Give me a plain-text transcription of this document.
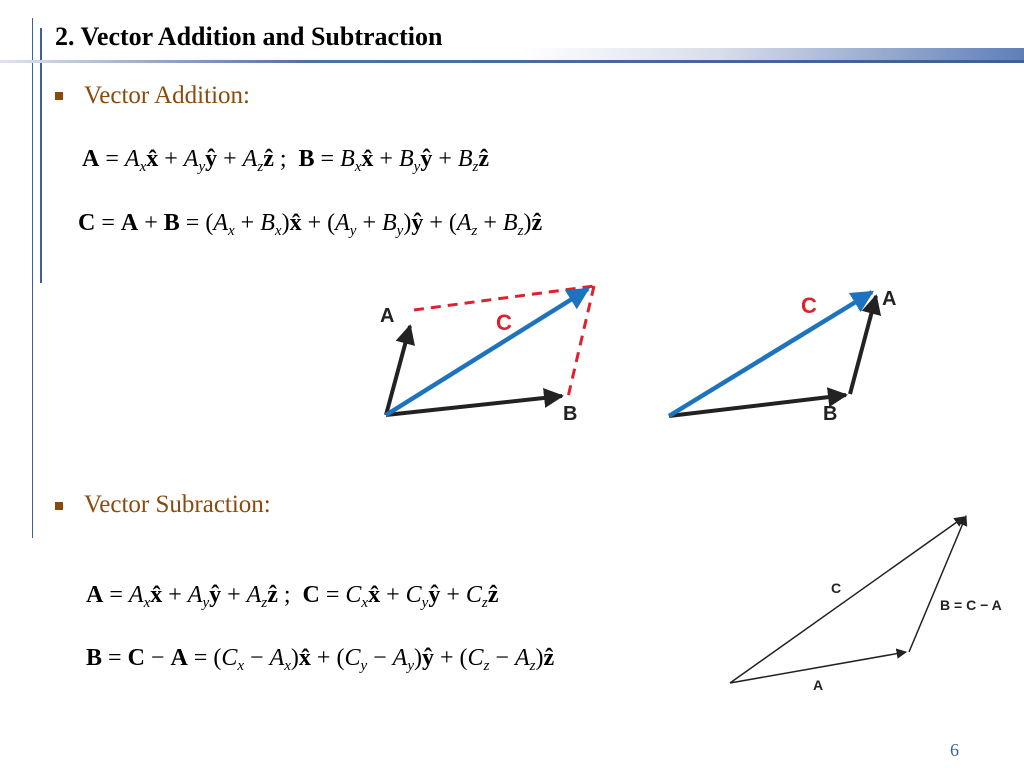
2. Vector Addition and Subtraction
Vector Addition:
$A = A_xx̂$ + $A_yŷ$ + $A_zẑ$ ;  $B = B_xx̂$ + $B_yŷ$ + $B_zẑ$
$C = A + B = (A_x$ + $B_x)x̂ + (A_y$ + $B_y)ŷ + (A_z$ + $B_z)ẑ$
A
B
C
A
B
C
C
B = C − A
A
Vector Subraction:
$A = A_xx̂$ + $A_yŷ$ + $A_zẑ$ ;  $C = C_xx̂$ + $C_yŷ$ + $C_zẑ$
$B = C - A = (C_x$ − $A_x)x̂ + (C_y$ − $A_y)ŷ + (C_z$ − $A_z)ẑ$
6
